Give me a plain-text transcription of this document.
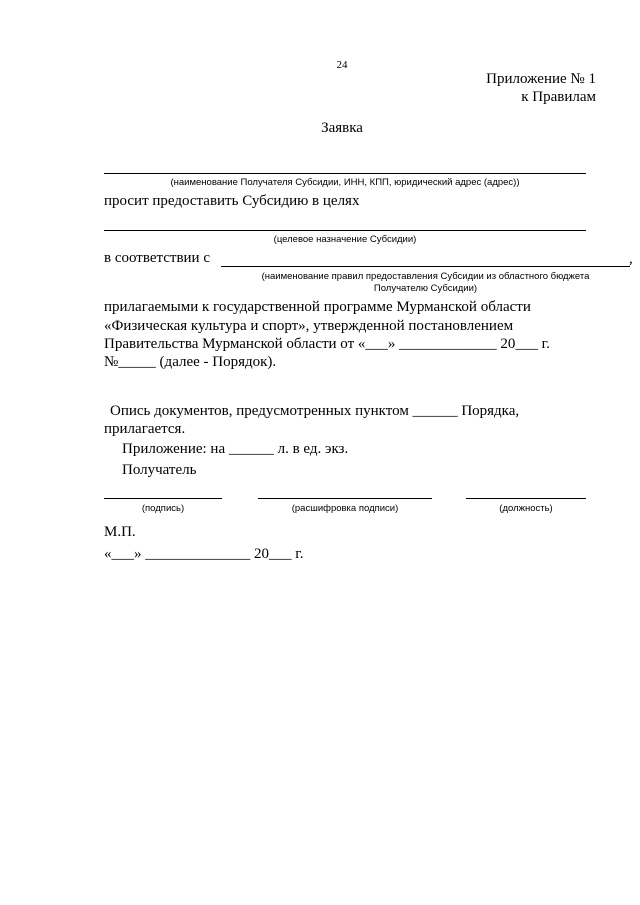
24
Приложение № 1
к Правилам
Заявка
(наименование Получателя Субсидии, ИНН, КПП, юридический адрес (адрес))
просит предоставить Субсидию в целях
(целевое назначение Субсидии)
в соответствии с	,
(наименование правил предоставления Субсидии из областного бюджета
Получателю Субсидии)
прилагаемыми к государственной программе Мурманской области
«Физическая культура и спорт», утвержденной постановлением
Правительства Мурманской области от «___» _____________ 20___ г.
№_____ (далее - Порядок).
Опись документов, предусмотренных пунктом ______ Порядка,
прилагается.
Приложение: на ______ л. в ед. экз.
Получатель
(подпись)	(расшифровка подписи)	(должность)
М.П.
«___» ______________ 20___ г.
